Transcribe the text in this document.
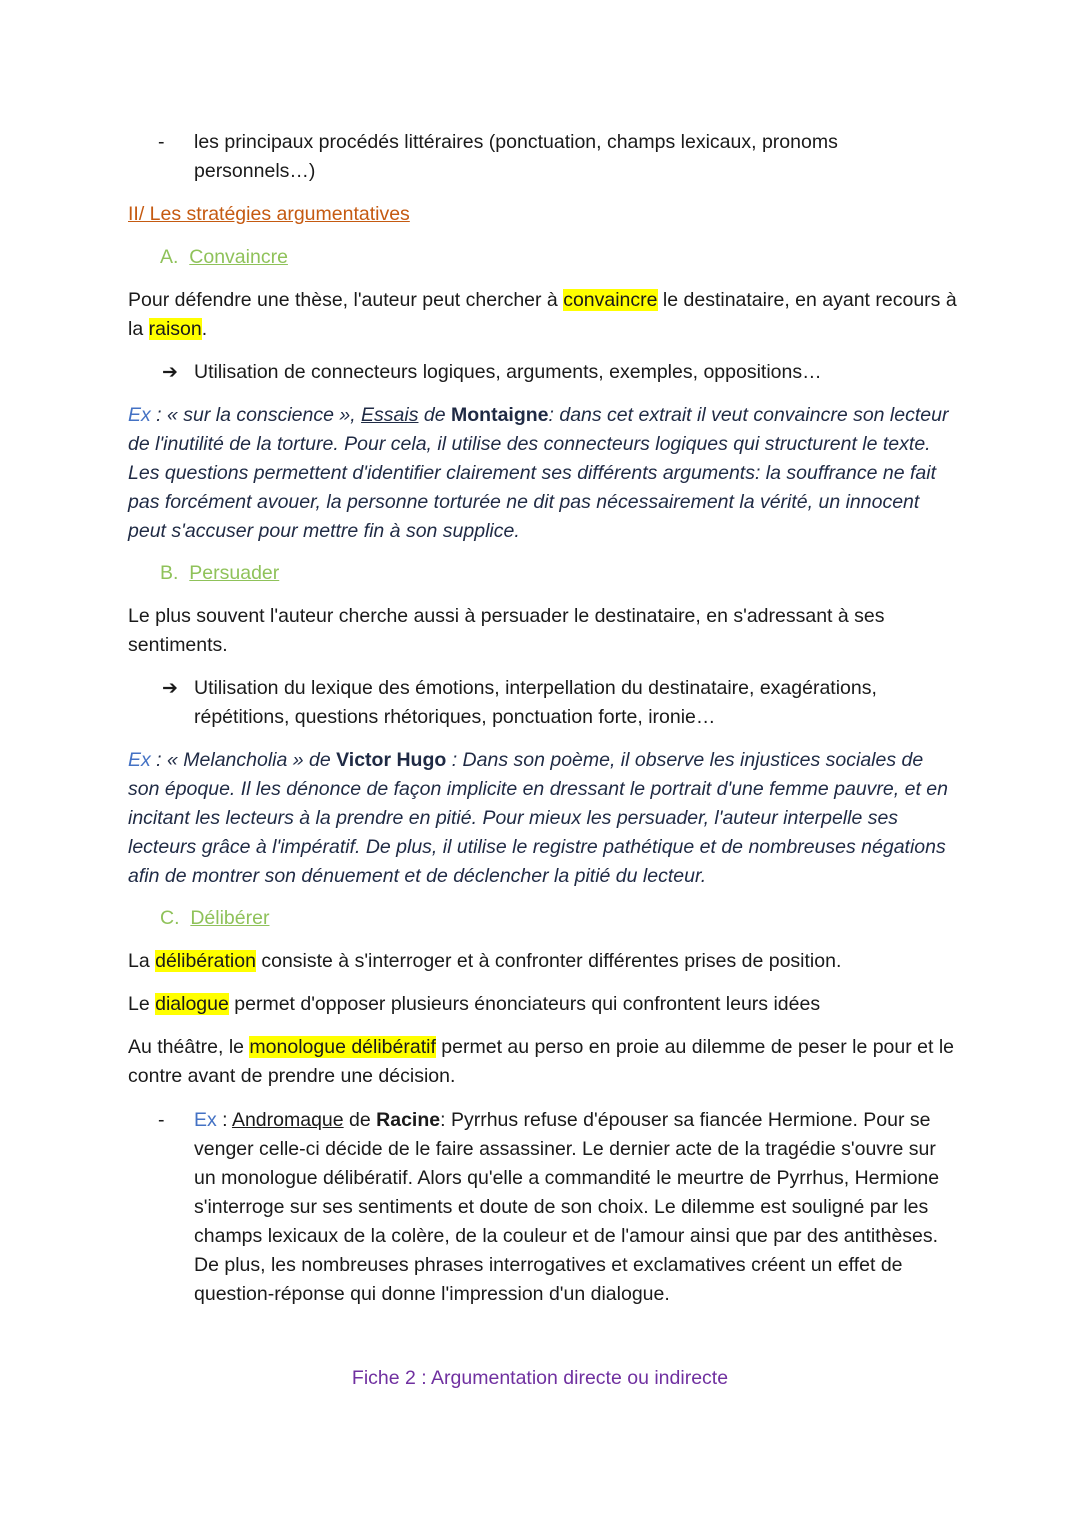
- les principaux procédés littéraires (ponctuation, champs lexicaux, pronoms personnels…)

II/ Les stratégies argumentatives

A. Convaincre

Pour défendre une thèse, l'auteur peut chercher à convaincre le destinataire, en ayant recours à la raison.

➔ Utilisation de connecteurs logiques, arguments, exemples, oppositions…

Ex : « sur la conscience », Essais de Montaigne: dans cet extrait il veut convaincre son lecteur de l'inutilité de la torture. Pour cela, il utilise des connecteurs logiques qui structurent le texte. Les questions permettent d'identifier clairement ses différents arguments: la souffrance ne fait pas forcément avouer, la personne torturée ne dit pas nécessairement la vérité, un innocent peut s'accuser pour mettre fin à son supplice.

B. Persuader

Le plus souvent l'auteur cherche aussi à persuader le destinataire, en s'adressant à ses sentiments.

➔ Utilisation du lexique des émotions, interpellation du destinataire, exagérations, répétitions, questions rhétoriques, ponctuation forte, ironie…

Ex : « Melancholia » de Victor Hugo : Dans son poème, il observe les injustices sociales de son époque. Il les dénonce de façon implicite en dressant le portrait d'une femme pauvre, et en incitant les lecteurs à la prendre en pitié. Pour mieux les persuader, l'auteur interpelle ses lecteurs grâce à l'impératif. De plus, il utilise le registre pathétique et de nombreuses négations afin de montrer son dénuement et de déclencher la pitié du lecteur.

C. Délibérer

La délibération consiste à s'interroger et à confronter différentes prises de position.

Le dialogue permet d'opposer plusieurs énonciateurs qui confrontent leurs idées

Au théâtre, le monologue délibératif permet au perso en proie au dilemme de peser le pour et le contre avant de prendre une décision.

- Ex : Andromaque de Racine: Pyrrhus refuse d'épouser sa fiancée Hermione. Pour se venger celle-ci décide de le faire assassiner. Le dernier acte de la tragédie s'ouvre sur un monologue délibératif. Alors qu'elle a commandité le meurtre de Pyrrhus, Hermione s'interroge sur ses sentiments et doute de son choix. Le dilemme est souligné par les champs lexicaux de la colère, de la couleur et de l'amour ainsi que par des antithèses. De plus, les nombreuses phrases interrogatives et exclamatives créent un effet de question-réponse qui donne l'impression d'un dialogue.

Fiche 2 : Argumentation directe ou indirecte
